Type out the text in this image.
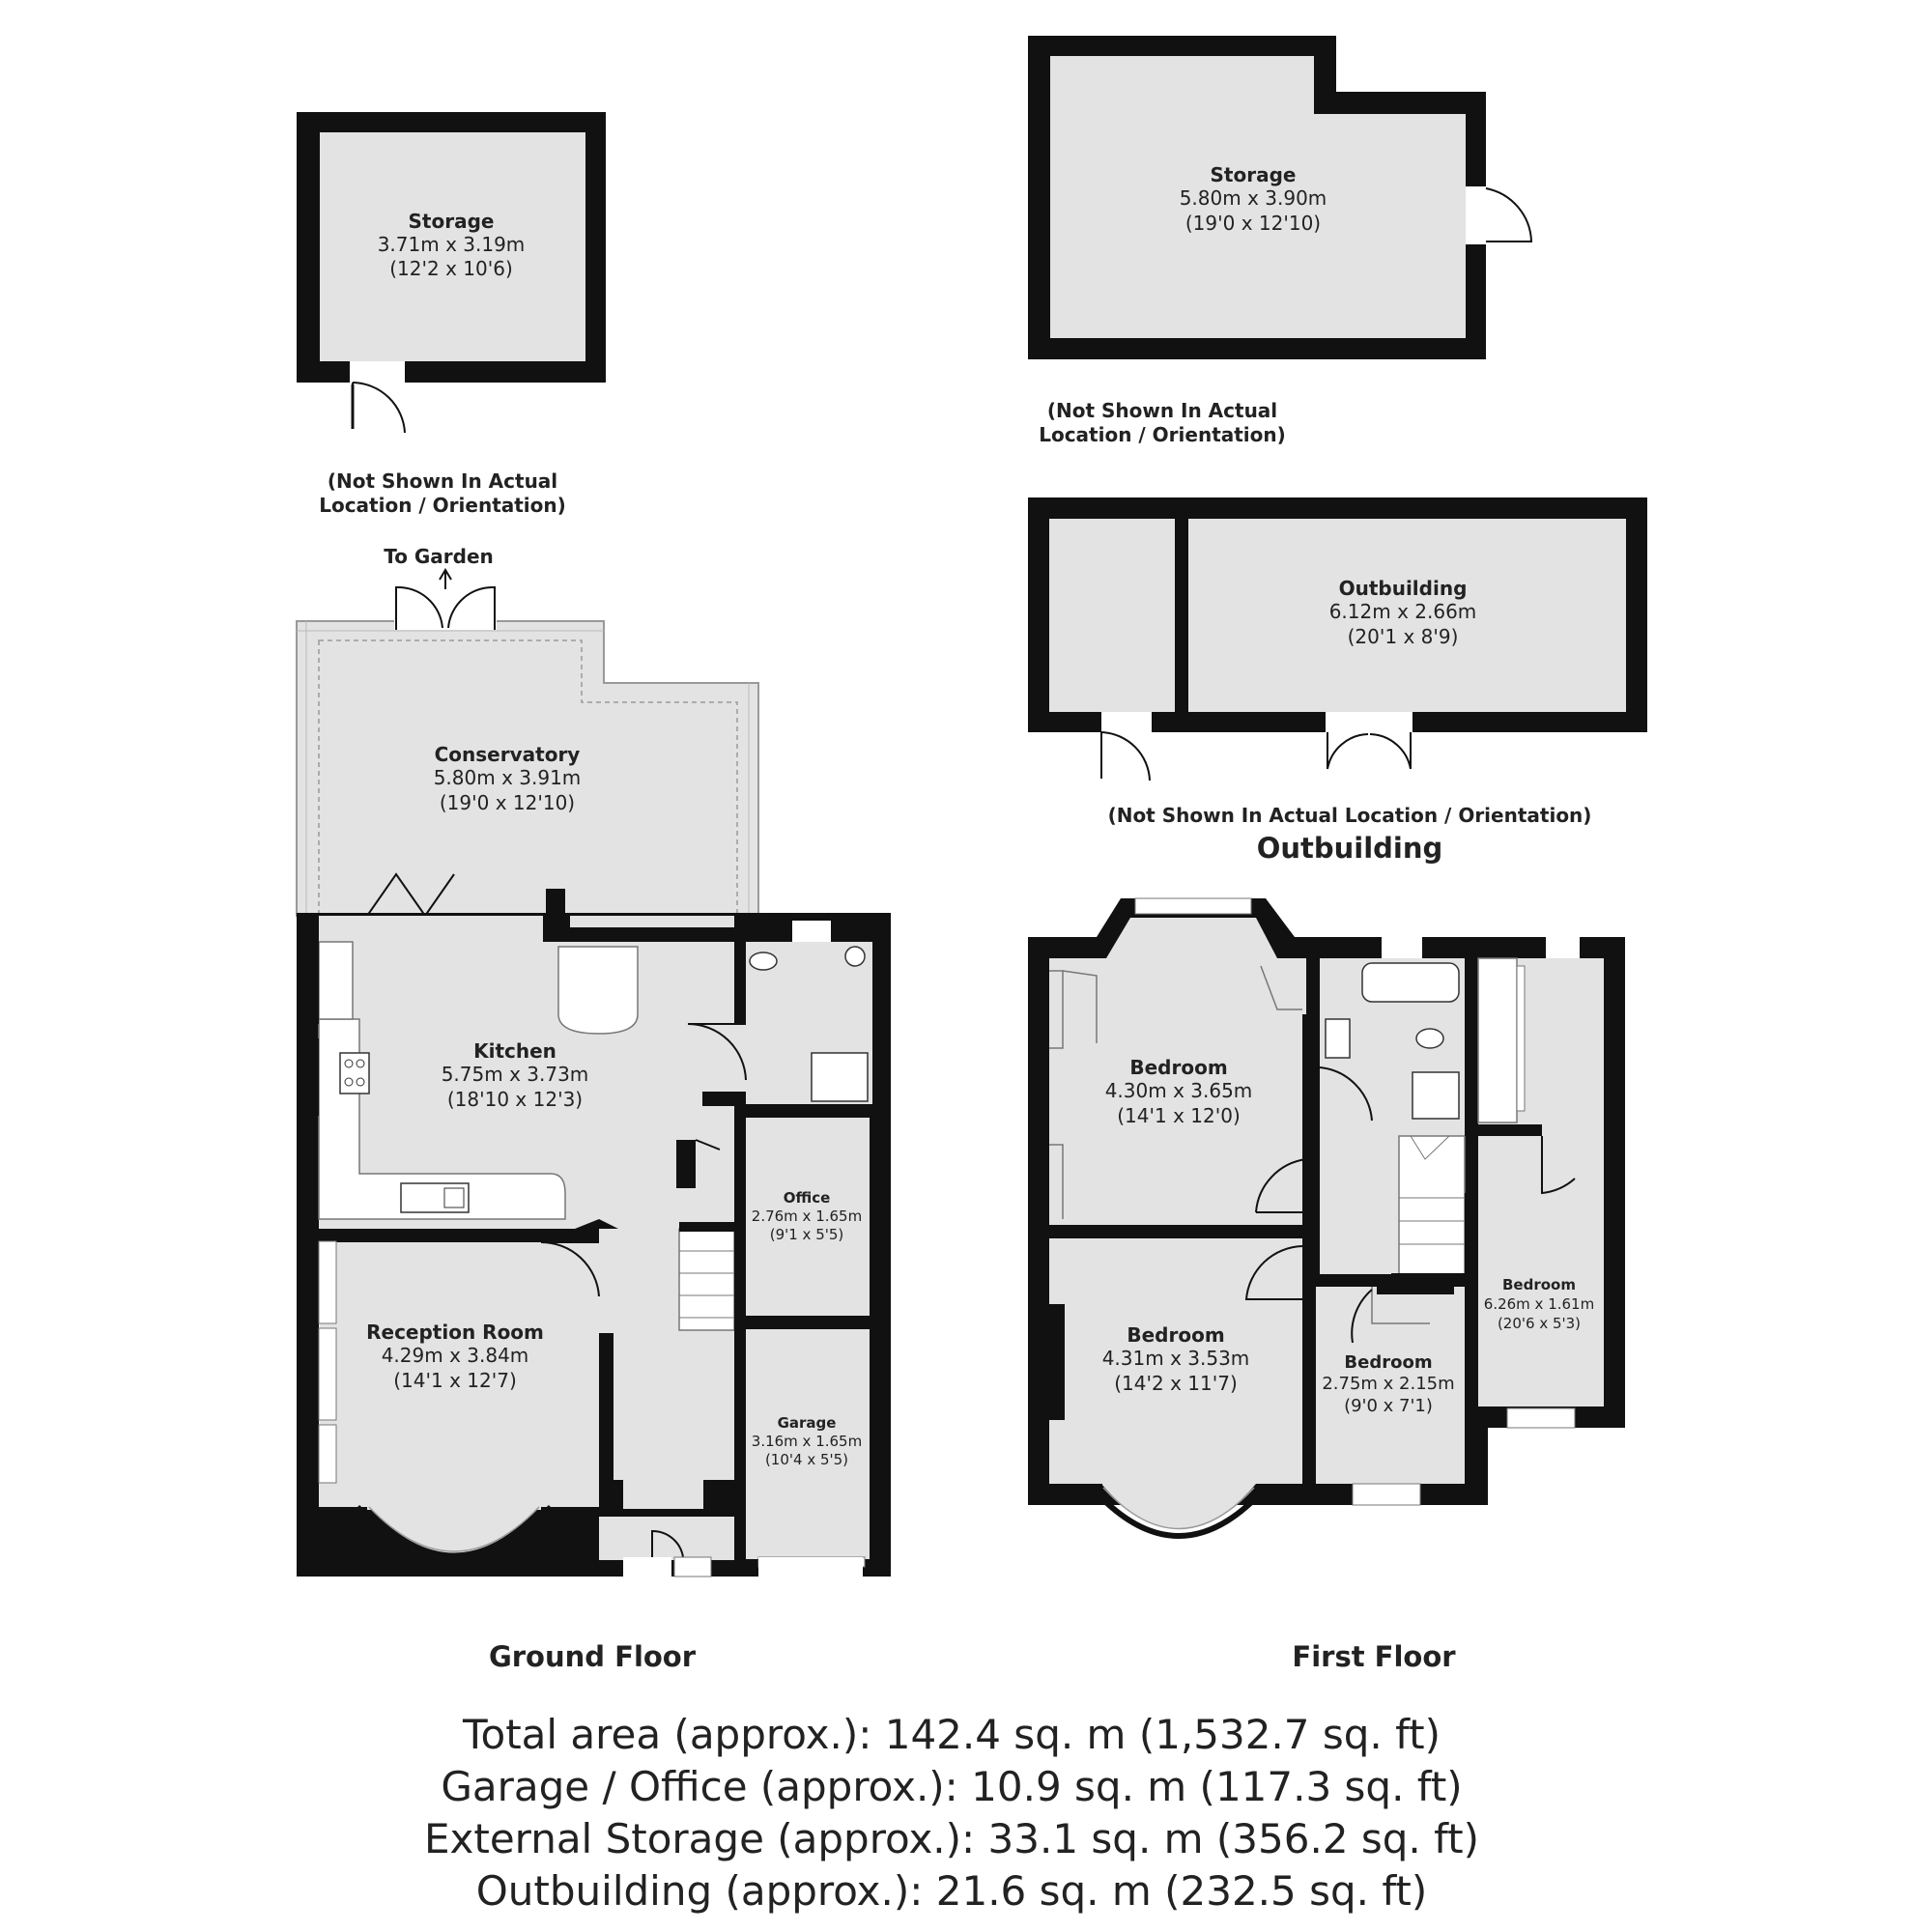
Storage
3.71m x 3.19m
(12'2 x 10'6)
(Not Shown In Actual
Location / Orientation)
Storage
5.80m x 3.90m
(19'0 x 12'10)
(Not Shown In Actual
Location / Orientation)
Outbuilding
6.12m x 2.66m
(20'1 x 8'9)
(Not Shown In Actual Location / Orientation)
Outbuilding
Kitchen
5.75m x 3.73m
(18'10 x 12'3)
Conservatory
5.80m x 3.91m
(19'0 x 12'10)
Office
2.76m x 1.65m
(9'1 x 5'5)
Garage
3.16m x 1.65m
(10'4 x 5'5)
Reception Room
4.29m x 3.84m
(14'1 x 12'7)
To Garden
Ground Floor
Bedroom
4.30m x 3.65m
(14'1 x 12'0)
Bedroom
4.31m x 3.53m
(14'2 x 11'7)
Bedroom
2.75m x 2.15m
(9'0 x 7'1)
Bedroom
6.26m x 1.61m
(20'6 x 5'3)
First Floor
Total area (approx.): 142.4 sq. m (1,532.7 sq. ft)
Garage / Office (approx.): 10.9 sq. m (117.3 sq. ft)
External Storage (approx.): 33.1 sq. m (356.2 sq. ft)
Outbuilding (approx.): 21.6 sq. m (232.5 sq. ft)
